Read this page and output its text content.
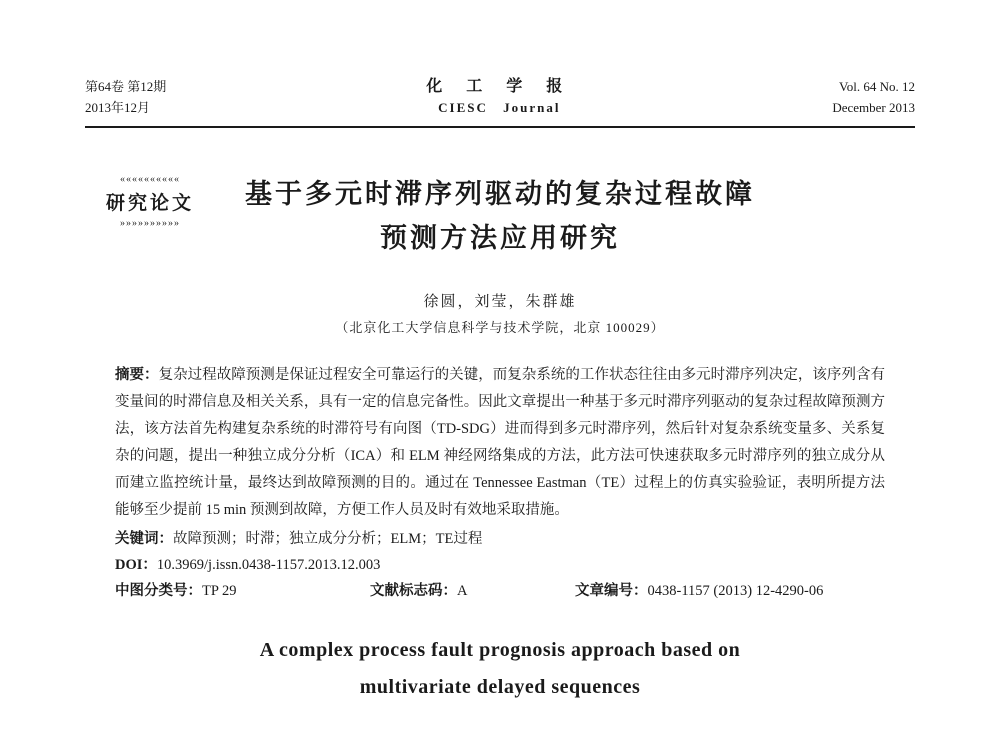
第64卷 第12期
2013年12月
化 工 学 报
CIESC Journal
Vol. 64 No. 12
December 2013
««««««««««
研究论文
»»»»»»»»»»
基于多元时滞序列驱动的复杂过程故障
预测方法应用研究
徐圆，刘莹，朱群雄
（北京化工大学信息科学与技术学院，北京 100029）

摘要：复杂过程故障预测是保证过程安全可靠运行的关键，而复杂系统的工作状态往往由多元时滞序列决定，该序列含有变量间的时滞信息及相关关系，具有一定的信息完备性。因此文章提出一种基于多元时滞序列驱动的复杂过程故障预测方法，该方法首先构建复杂系统的时滞符号有向图（TD-SDG）进而得到多元时滞序列，然后针对复杂系统变量多、关系复杂的问题，提出一种独立成分分析（ICA）和 ELM 神经网络集成的方法，此方法可快速获取多元时滞序列的独立成分从而建立监控统计量，最终达到故障预测的目的。通过在 Tennessee Eastman（TE）过程上的仿真实验验证，表明所提方法能够至少提前 15 min 预测到故障，方便工作人员及时有效地采取措施。

关键词：故障预测；时滞；独立成分分析；ELM；TE过程
DOI：10.3969/j.issn.0438-1157.2013.12.003
中图分类号：TP 29	文献标志码：A	文章编号：0438-1157 (2013) 12-4290-06
A complex process fault prognosis approach based on
multivariate delayed sequences
